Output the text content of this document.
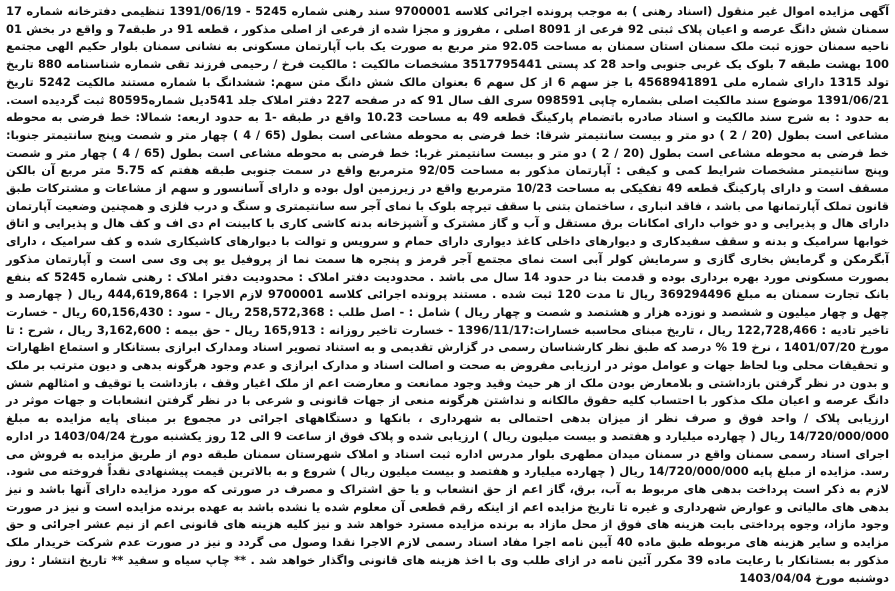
آگهی مزایده اموال غیر منقول (اسناد رهنی ) به موجب پرونده اجرائی کلاسه 9700001 سند رهنی شماره 5245 - 1391/06/19 تنظیمی دفترخانه شماره 17 سمنان شش دانگ عرصه و اعیان پلاک ثبتی 92 فرعی از 8091 اصلی ، مفروز و مجزا شده از فرعی از اصلی مذکور ، قطعه 91 در طبقه7 و واقع در بخش 01 ناحیه سمنان حوزه ثبت ملک سمنان استان سمنان به مساحت 92.05 متر مربع به صورت یک باب آپارتمان مسکونی به نشانی سمنان بلوار حکیم الهی مجتمع 100 بهشت طبقه 7 بلوک یک غربی جنوبی واحد 28 کد پستی 3517795441 مشخصات مالکیت : مالکیت فرخ / رحیمی فرزند تقی شماره شناسنامه 880 تاریخ تولد 1315 دارای شماره ملی 4568941891 با جز سهم 6 از کل سهم 6 بعنوان مالک شش دانگ متن سهم: ششدانگ با شماره مستند مالکیت 5242 تاریخ 1391/06/21 موضوع سند مالکیت اصلی بشماره چاپی 098591 سری الف سال 91 که در صفحه 227 دفتر املاک جلد 541دیل شماره80595 ثبت گردیده است. به حدود : به شرح سند مالکیت و اسناد صادره باتضمام پارکینگ قطعه 49 به مساحت 10.23 واقع در طبقه -1 به حدود اربعه: شمالا: خط فرضی به محوطه مشاعی است بطول (20 / 2 ) دو متر و بیست سانتیمتر شرقا: خط فرضی به محوطه مشاعی است بطول (65 / 4 ) چهار متر و شصت وپنج سانتیمتر جنوبا: خط فرضی به محوطه مشاعی است بطول (20 / 2 ) دو متر و بیست سانتیمتر غربا: خط فرضی به محوطه مشاعی است بطول (65 / 4 ) چهار متر و شصت وپنج سانتیمتر مشخصات شرایط کمی و کیفی : آپارتمان مذکور به مساحت 92/05 مترمربع واقع در سمت جنوبی طبقه هفتم که 5.75 متر مربع آن بالکن مسقف است و دارای پارکینگ قطعه 49 تفکیکی به مساحت 10/23 مترمربع واقع در زیرزمین اول بوده و دارای آسانسور و سهم از مشاعات و مشترکات طبق قانون تملک آپارتمانها می باشد ، فاقد انباری ، ساختمان بتنی با سقف تیرچه بلوک با نمای آجر سه سانتیمتری و سنگ و درب فلزی و همچنین وضعیت آپارتمان دارای هال و پذیرایی و دو خواب دارای امکانات برق مستقل و آب و گاز مشترک و آشپزخانه بدنه کاشی کاری با کابینت ام دی اف و کف هال و پذیرایی و اتاق خوابها سرامیک و بدنه و سقف سفیدکاری و دیوارهای داخلی کاغذ دیواری دارای حمام و سرویس و توالت با دیوارهای کاشیکاری شده و کف سرامیک ، دارای آبگرمکن و گرمایش بخاری گازی و سرمایش کولر آبی است نمای مجتمع آجر قرمز و پنجره ها سمت نما از پروفیل یو پی وی سی است و آپارتمان مذکور بصورت مسکونی مورد بهره برداری بوده و قدمت بنا در حدود 14 سال می باشد . محدودیت دفتر املاک : محدودیت دفتر املاک : رهنی شماره 5245 که بنفع بانک تجارت سمنان به مبلغ 369294496 ریال تا مدت 120 ثبت شده . مستند پرونده اجرائی کلاسه 9700001 لازم الاجرا : 444,619,864 ریال ( چهارصد و چهل و چهار میلیون و ششصد و نوزده هزار و هشتصد و شصت و چهار ریال ) شامل : - اصل طلب : 258,572,368 ریال - سود : 60,156,430 ریال - خسارت تاخیر تادیه : 122,728,466 ریال ، تاریخ مبنای محاسبه خسارات:1396/11/17 - خسارت تاخیر روزانه : 165,913 ریال - حق بیمه : 3,162,600 ریال ، شرح : تا مورخ 1401/07/20 ، نرخ 19 % درصد که طبق نظر کارشناسان رسمی در گزارش تقدیمی و به استناد تصویر اسناد ومدارک ابرازی بستانکار و استماع اظهارات و تحقیقات محلی وبا لحاظ جهات و عوامل موثر در ارزیابی مفروض به صحت و اصالت اسناد و مدارک ابرازی و عدم وجود هرگونه بدهی و دیون مترتب بر ملک و بدون در نظر گرفتن بازداشتی و بلامعارض بودن ملک از هر حیث وقید وجود ممانعت و معارضت اعم از ملک اغیار وقف ، بازداشت یا توقیف و امثالهم شش دانگ عرصه و اعیان ملک مذکور با احتساب کلیه حقوق مالکانه و نداشتن هرگونه منعی از جهات قانونی و شرعی با در نظر گرفتن انشعابات و جهات موثر در ارزیابی پلاک / واحد فوق و صرف نظر از میزان بدهی احتمالی به شهرداری ، بانکها و دستگاههای اجرائی در مجموع بر مبنای پایه مزایده به مبلغ 14/720/000/000 ریال ( چهارده میلیارد و هفتصد و بیست میلیون ریال ) ارزیابی شده و پلاک فوق از ساعت 9 الی 12 روز یکشنبه مورخ 1403/04/24 در اداره اجرای اسناد رسمی سمنان واقع در سمنان میدان مطهری بلوار مدرس اداره ثبت اسناد و املاک شهرستان سمنان طبقه دوم از طریق مزایده به فروش می رسد. مزایده از مبلغ پایه 14/720/000/000 ریال ( چهارده میلیارد و هفتصد و بیست میلیون ریال ) شروع و به بالاترین قیمت پیشنهادی نقداً فروخته می شود. لازم به ذکر است پرداخت بدهی های مربوط به آب، برق، گاز اعم از حق انشعاب و یا حق اشتراک و مصرف در صورتی که مورد مزایده دارای آنها باشد و نیز بدهی های مالیاتی و عوارض شهرداری و غیره تا تاریخ مزایده اعم از اینکه رقم قطعی آن معلوم شده یا نشده باشد به عهده برنده مزایده است و نیز در صورت وجود مازاد، وجوه پرداختی بابت هزینه های فوق از محل مازاد به برنده مزایده مسترد خواهد شد و نیز کلیه هزینه های قانونی اعم از نیم عشر اجرائی و حق مزایده و سایر هزینه های مربوطه طبق ماده 40 آیین نامه اجرا مفاد اسناد رسمی لازم الاجرا نقدا وصول می گردد و نیز در صورت عدم شرکت خریدار ملک مذکور به بستانکار با رعایت ماده 39 مکرر آئین نامه در ازای طلب وی با اخذ هزینه های قانونی واگذار خواهد شد . ** چاپ سیاه و سفید ** تاریخ انتشار : روز دوشنبه مورخ 1403/04/04
